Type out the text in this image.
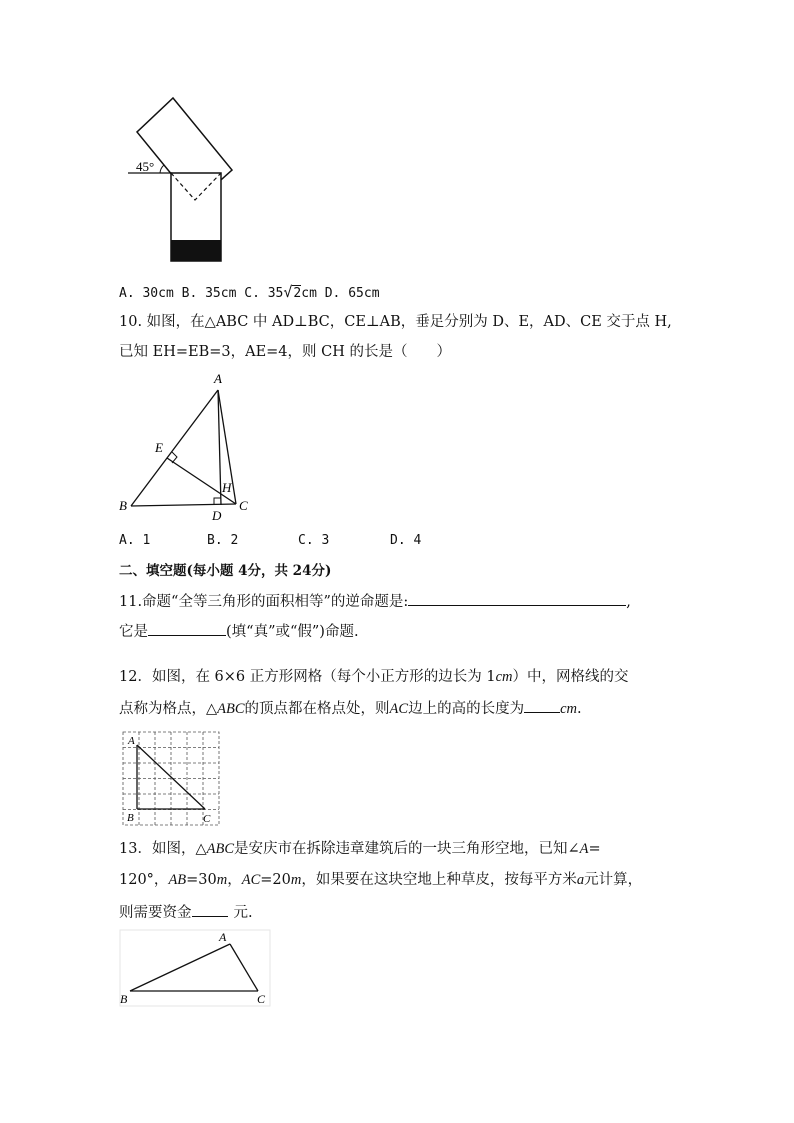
45°
A. 30cm B. 35cm C. 35√2cm D. 65cm
10. 如图，在△ABC 中 AD⊥BC，CE⊥AB，垂足分别为 D、E，AD、CE 交于点 H,
已知 EH=EB=3，AE=4，则 CH 的长是（　　）
A
E
H
B	C
D
A. 1	B. 2	C. 3	D. 4
二、填空题(每小题 4分，共 24分)
11.命题“全等三角形的面积相等”的逆命题是:	,
它是	(填“真”或“假”)命题.
12．如图，在 6×6 正方形网格（每个小正方形的边长为 1cm）中，网格线的交
点称为格点，△ABC的顶点都在格点处，则AC边上的高的长度为 cm.
A
B	C
13．如图，△ABC是安庆市在拆除违章建筑后的一块三角形空地，已知∠A=
120°，AB=30m，AC=20m，如果要在这块空地上种草皮，按每平方米a元计算，
则需要资金	元.
A
B	C
